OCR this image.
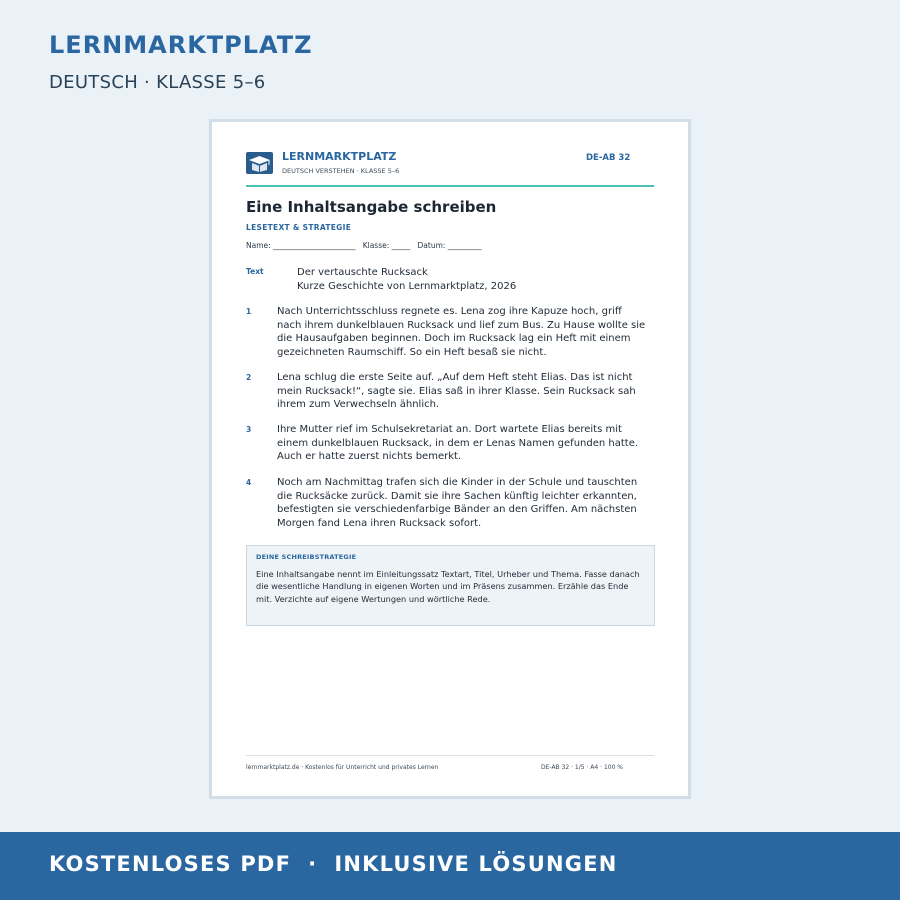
LERNMARKTPLATZ
DEUTSCH · KLASSE 5–6
LERNMARKTPLATZ
DEUTSCH VERSTEHEN · KLASSE 5–6
DE-AB 32
Eine Inhaltsangabe schreiben
LESETEXT & STRATEGIE
Name: ______________________   Klasse: _____   Datum: _________
Text	Der vertauschte Rucksack
Kurze Geschichte von Lernmarktplatz, 2026
1	Nach Unterrichtsschluss regnete es. Lena zog ihre Kapuze hoch, griff nach ihrem dunkelblauen Rucksack und lief zum Bus. Zu Hause wollte sie die Hausaufgaben beginnen. Doch im Rucksack lag ein Heft mit einem gezeichneten Raumschiff. So ein Heft besaß sie nicht.
2	Lena schlug die erste Seite auf. „Auf dem Heft steht Elias. Das ist nicht mein Rucksack!“, sagte sie. Elias saß in ihrer Klasse. Sein Rucksack sah ihrem zum Verwechseln ähnlich.
3	Ihre Mutter rief im Schulsekretariat an. Dort wartete Elias bereits mit einem dunkelblauen Rucksack, in dem er Lenas Namen gefunden hatte. Auch er hatte zuerst nichts bemerkt.
4	Noch am Nachmittag trafen sich die Kinder in der Schule und tauschten die Rucksäcke zurück. Damit sie ihre Sachen künftig leichter erkannten, befestigten sie verschiedenfarbige Bänder an den Griffen. Am nächsten Morgen fand Lena ihren Rucksack sofort.
DEINE SCHREIBSTRATEGIE
Eine Inhaltsangabe nennt im Einleitungssatz Textart, Titel, Urheber und Thema. Fasse danach die wesentliche Handlung in eigenen Worten und im Präsens zusammen. Erzähle das Ende mit. Verzichte auf eigene Wertungen und wörtliche Rede.
lernmarktplatz.de · Kostenlos für Unterricht und privates Lernen	DE-AB 32 · 1/5 · A4 · 100 %
KOSTENLOSES PDF  ·  INKLUSIVE LÖSUNGEN
